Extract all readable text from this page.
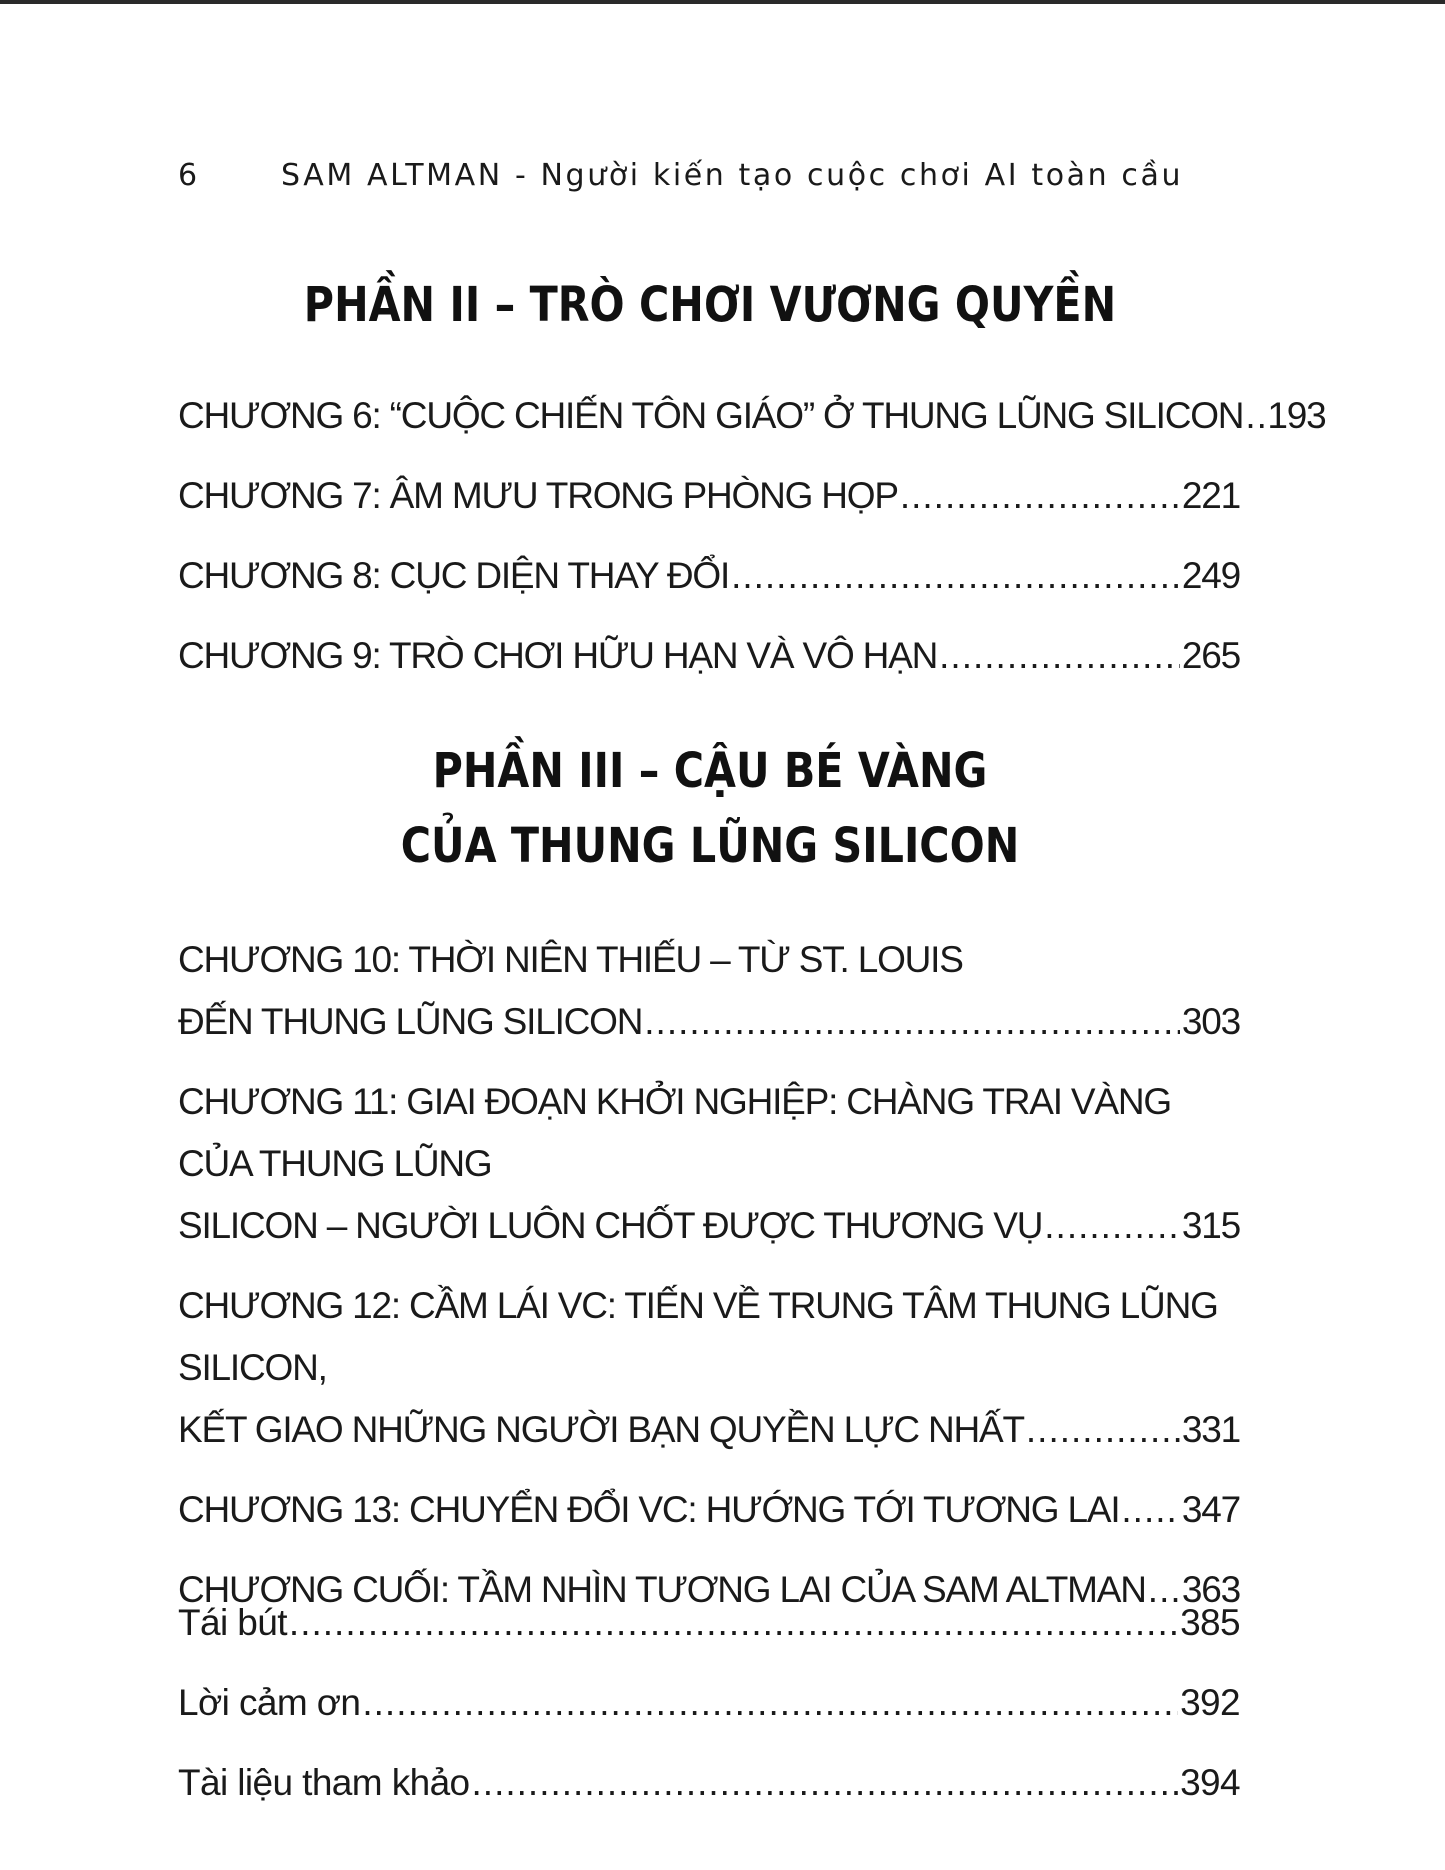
6	SAM ALTMAN - Người kiến tạo cuộc chơi AI toàn cầu
PHẦN II – TRÒ CHƠI VƯƠNG QUYỀN
CHƯƠNG 6: “CUỘC CHIẾN TÔN GIÁO” Ở THUNG LŨNG SILICON ..... 193
CHƯƠNG 7: ÂM MƯU TRONG PHÒNG HỌP .....	221
CHƯƠNG 8: CỤC DIỆN THAY ĐỔI .....	249
CHƯƠNG 9: TRÒ CHƠI HỮU HẠN VÀ VÔ HẠN .....	265
PHẦN III – CẬU BÉ VÀNG
CỦA THUNG LŨNG SILICON
CHƯƠNG 10: THỜI NIÊN THIẾU – TỪ ST. LOUIS
ĐẾN THUNG LŨNG SILICON .....	303
CHƯƠNG 11: GIAI ĐOẠN KHỞI NGHIỆP: CHÀNG TRAI VÀNG CỦA THUNG LŨNG
SILICON – NGƯỜI LUÔN CHỐT ĐƯỢC THƯƠNG VỤ .....	315
CHƯƠNG 12: CẦM LÁI VC: TIẾN VỀ TRUNG TÂM THUNG LŨNG SILICON,
KẾT GIAO NHỮNG NGƯỜI BẠN QUYỀN LỰC NHẤT .....	331
CHƯƠNG 13: CHUYỂN ĐỔI VC: HƯỚNG TỚI TƯƠNG LAI ..... 347
CHƯƠNG CUỐI: TẦM NHÌN TƯƠNG LAI CỦA SAM ALTMAN ..... 363
Tái bút .....	385
Lời cảm ơn .....	392
Tài liệu tham khảo .....	394
